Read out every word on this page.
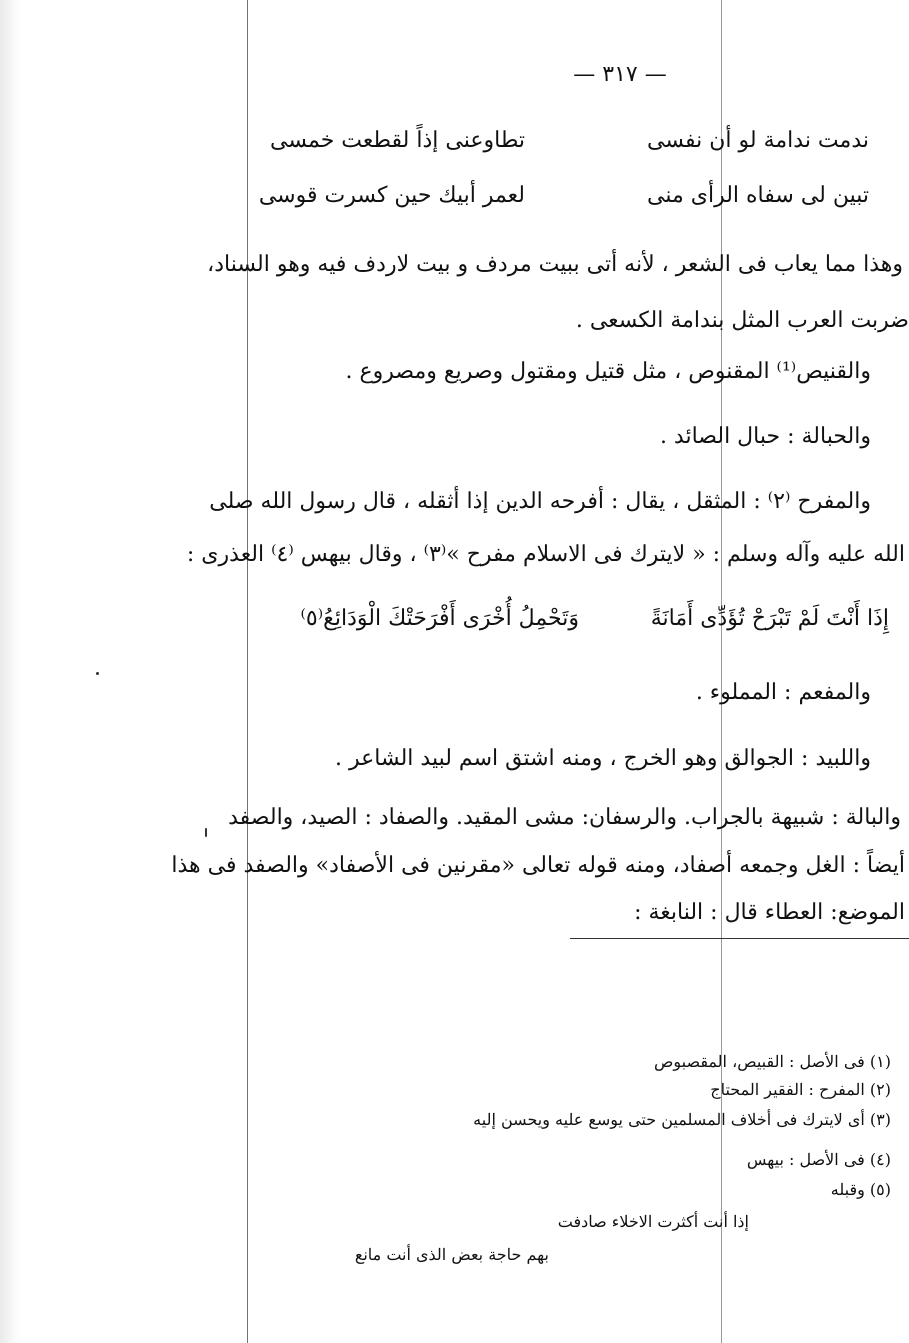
— ٣١٧ —
ندمت ندامة لو أن نفسى
تطاوعنى إذاً لقطعت خمسى
تبين لى سفاه الرأى منى
لعمر أبيك حين كسرت قوسى
وهذا مما يعاب فى الشعر ، لأنه أتى ببيت مردف و بيت لاردف فيه وهو السناد،
ضربت العرب المثل بندامة الكسعى .
والقنيص⁽¹⁾ المقنوص ، مثل قتيل ومقتول وصريع ومصروع .
والحبالة : حبال الصائد .
والمفرح ⁽٢⁾ : المثقل ، يقال : أفرحه الدين إذا أثقله ، قال رسول الله صلى
الله عليه وآله وسلم : « لايترك فى الاسلام مفرح »⁽٣⁾ ، وقال بيهس ⁽٤⁾ العذرى :
إِذَا أَنْتَ لَمْ تَبْرَحْ تُؤَدِّى أَمَانَةً
وَتَحْمِلُ أُخْرَى أَفْرَحَتْكَ الْوَدَائِعُ⁽٥⁾
والمفعم : المملوء .
واللبيد : الجوالق وهو الخرج ، ومنه اشتق اسم لبيد الشاعر .
والبالة : شبيهة بالجراب. والرسفان: مشى المقيد. والصفاد : الصيد، والصفد
أيضاً : الغل وجمعه أصفاد، ومنه قوله تعالى «مقرنين فى الأصفاد» والصفد فى هذا
الموضع: العطاء قال : النابغة :
(١) فى الأصل : القبيص، المقصبوص
(٢) المفرح : الفقير المحتاج
(٣) أى لايترك فى أخلاف المسلمين حتى يوسع عليه ويحسن إليه
(٤) فى الأصل : بيهس
(٥) وقبله
إذا أنت أكثرت الاخلاء صادفت
بهم حاجة بعض الذى أنت مانع
